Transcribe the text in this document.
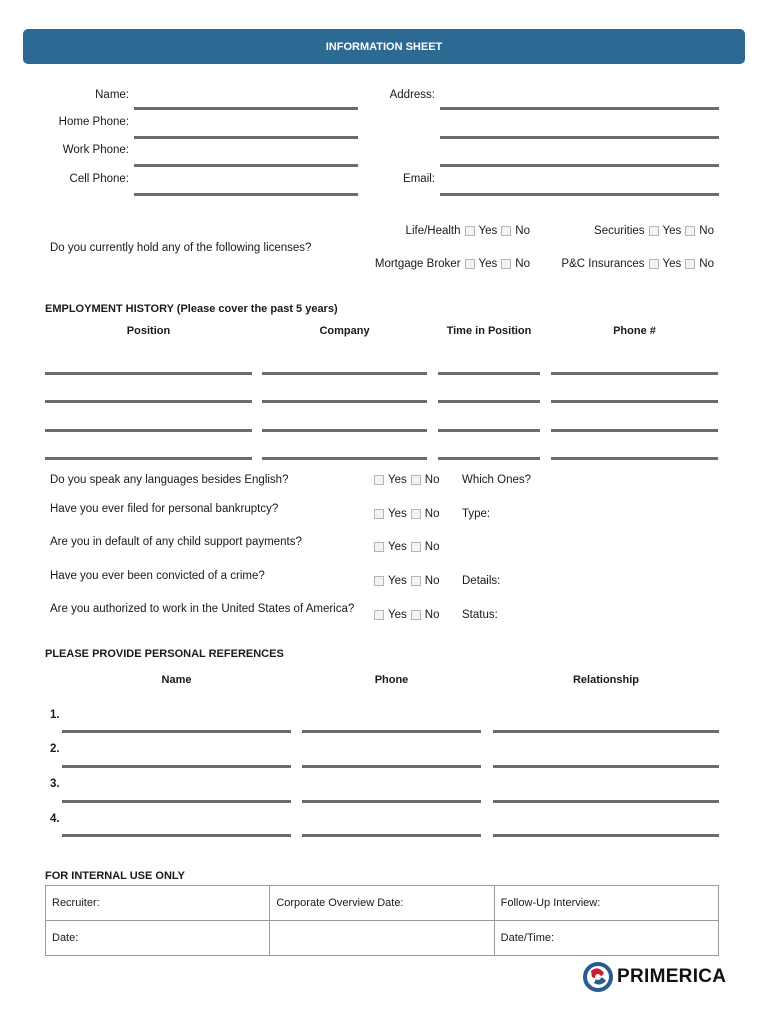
INFORMATION SHEET
Name:
Home Phone:
Work Phone:
Cell Phone:
Address:
Email:
Do you currently hold any of the following licenses?
Life/Health Yes No	Securities Yes No
Mortgage Broker Yes No	P&C Insurances Yes No
EMPLOYMENT HISTORY (Please cover the past 5 years)
Position	Company	Time in Position	Phone #
Do you speak any languages besides English?	Yes No Which Ones?
Have you ever filed for personal bankruptcy?	Yes No Type:
Are you in default of any child support payments?	Yes No
Have you ever been convicted of a crime?	Yes No Details:
Are you authorized to work in the United States of America?	Yes No Status:
PLEASE PROVIDE PERSONAL REFERENCES
Name	Phone	Relationship
1.
2.
3.
4.
FOR INTERNAL USE ONLY
Recruiter:	Corporate Overview Date:	Follow-Up Interview:
Date:		Date/Time:
PRIMERICA
